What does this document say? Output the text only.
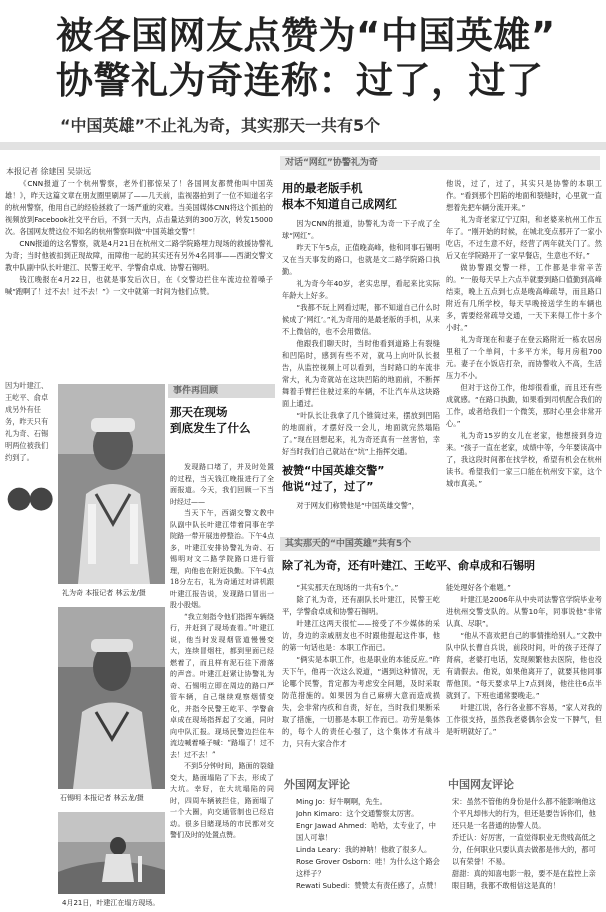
被各国网友点赞为“中国英雄”
协警礼为奇连称：过了，过了
“中国英雄”不止礼为奇，其实那天一共有5个
本报记者 徐建国 吴崇远

《CNN报道了一个杭州警察，老外们都惊呆了！各国网友都赞他叫中国英雄！》，昨天这篇文章在朋友圈里刷屏了——几天前，监视器拍到了一位不知道名字的杭州警察，他用自己的经验拯救了一场严重的灾难。当美国媒体CNN将这个抓拍的视频放到Facebook社交平台后，不到一天内，点击量达到的300万次，转发15000次。各国网友赞这位不知名的杭州警察叫做“中国英雄交警”！

CNN报道的这名警察，就是4月21日在杭州文二路学院路埋力现场的救援协警礼为奇；当时他被扣到正现故障，而障他一起的其实还有另外4名同事——西湖交警文教中队副中队长叶建江、民警王屹平、学警俞卓成、协警石锡明。

钱江晚报在4月22日，也就是事发后次日，在《交警边拦住车流边拉着嗓子喊“跑啊了！过不去！过不去！”》一文中就第一时间为他们点赞。

因为叶建江、王屹平、俞卓成另外有任务，昨天只有礼为奇、石锡明两位被我们约到了。
●●
礼为奇 本报记者 林云龙/摄
石锡明 本报记者 林云龙/摄
4月21日，叶建江在塌方现场。
事件再回顾
那天在现场
到底发生了什么

发现路口堵了，并及时处置的过程，当天钱江晚报进行了全面报道。今天，我们回顾一下当时经过——

当天下午，西湖交警文教中队副中队长叶建江带着同事在学院路一带开展违停整治。下午4点多，叶建江安排协警礼为奇、石锡明对文二路学院路口进行管理，向他也在附近执勤。下午4点18分左右，礼为奇通过对讲机跟叶建江报告说，发现路口冒出一股小股烟。

“我立刻指令他们指挥车辆绕行，并赶到了现场查看。”叶建江说，他当时发现烟管道慢慢变大，连续冒烟柱，都到里面已经燃着了，而且样有泥石往下滑落的声音。叶建江赶紧让协警礼为奇、石锡明立即在周边的路口严管车辆，自己继续观察烟情变化，并指令民警王屹平、学警俞卓成在现场指挥起了交通，同时向中队汇报。现场民警边拦住车流边喊着嗓子喊：“路塌了！过不去！过不去！”

不到5分钟时间，路面的裂缝变大，路面塌陷了下去，形成了大坑。幸好，在大坑塌陷的同时，四周车辆被拦住，路面塌了一个大圈，向交通管制也已经启动。很多目睹现场的市民都对交警们及时的处置点赞。

对话“网红”协警礼为奇
用的最老版手机
根本不知道自己成网红

因为CNN的报道，协警礼为奇一下子成了全球“网红”。

昨天下午5点，正值晚高峰，他和同事石锡明又在当天事发的路口，也就是文二路学院路口执勤。

礼为奇今年40岁，老实忠厚，看起来比实际年龄大上好多。

“我都不玩上网看过呢，都不知道自己什么时候成了‘网红’。”礼为奇用的是最老版的手机，从来不上微信的，也不会用微信。

他跟我们聊天时，当时他看到道路上有裂缝和凹陷时，感到有些不对，就马上向叶队长报告，从监控视频上可以看到，当时路口的车流非常大，礼为奇就站在这块凹陷的地面前，不断挥舞着手臂拦住驶过来的车辆，不让汽车从这块路面上通过。

“叶队长让我拿了几个锥筒过来，摆放到凹陷的地面前，才摆好没一会儿，地面就完然塌陷了。”现在回想起来，礼为奇还真有一丝害怕，幸好当时我们自己就站在“坑”上指挥交通。

被赞“中国英雄交警”
他说“过了，过了”

对于网友们称赞他是“中国英雄交警”，

他说，过了，过了，其实只是协警的本职工作。“看到那个凹陷的地面和裂缝时，心里就一直想着先把车辆分流开来。”

礼为奇老家辽宁辽阳，和老婆来杭州工作五年了。“刚开始的时候，在城北变点那开了一家小吃店，不过生意不好，经营了两年就关门了。然后又在学院路开了一家早餐店，生意也不好。”

做协警跟交警一样，工作都是非常辛苦的。“一般每天早上六点半就要到路口值勤到高峰结束，晚上五点到七点是晚高峰疏导，而且路口附近有几所学校，每天早晚接送学生的车辆也多，需要经常疏导交通，一天下来得工作十多个小时。”

礼为奇现在和妻子在登云路附近一栋农居房里租了一个单间，十多平方米，每月房租700元。妻子在小饭店打杂，而协警收入不高，生活压力不小。

但对于这份工作，他却很看重，而且还有些成就感。“在路口执勤，如果看到司机配合我们的工作，或者给我们一个微笑，那时心里会非常开心。”

礼为奇15岁的女儿在老家，他想接到身边来。“孩子一直在老家，成绩中等，今年要读高中了，我这段时间都在找学校，希望有机会在杭州读书。希望我们一家三口能在杭州安下家，这个城市真美。”

其实那天的“中国英雄”共有5个
除了礼为奇，还有叶建江、王屹平、俞卓成和石锡明

“其实那天在现场的一共有5个。”

除了礼为奇，还有副队长叶建江，民警王屹平，学警俞卓成和协警石锡明。

叶建江这两天很忙——接受了不少媒体的采访，身边的亲戚朋友也不时跟他提起这件事，他的第一句话也是：本职工作而已。

“俩实是本职工作，也是职业的本能反应。”昨天下午，他再一次这么说道，“遇到这种情况，无论哪个民警，肯定都为考虑安全问题，及时采取防范措施的。如果因为自己麻痹大意而造成损失，会非常内疚和自责，好在，当时我们果断采取了措施，一切都是本职工作而已。功劳是集体的，每个人的责任心强了，这个集体才有战斗力，只有大家合作才

能处理好各个难题。”

叶建江是2006年从中央司法警官学院毕业考进杭州交警支队的。从警10年，同事说他“非常认真、尽职”。

“他从不喜欢把自己的事情推给别人。”文教中队中队长曹自兵说，前段时间，叶的孩子还得了肾病，老婆打电话，发现频繁他去医院，他也没有请假去。他说，如果他离开了，就要其他同事帮他顶。“每天要求早上7点到岗，他往往6点半就到了。下班也通常要晚走。”

叶建江说，各行各业都不容易，“家人对我的工作很支持，虽然我老婆偶尔会发一下脾气，但是听明就好了。”

外国网友评论
Ming Jo：好牛啊啊，先生。
John Kimaro：这个交通警察太厉害。
Engr Jawad Ahmed：哈哈，太专业了，中国人可靠！
Linda Leary：我的神呐！他救了很多人。
Rose Grover Osborn：哇！为什么这个路会这样子？
Rewati Subedi：赞赞太有责任感了，点赞！
中国网友评论
宋：虽然不管他的身份是什么都不能影响他这个平凡却伟大的行为，但还是要告诉你们，他还只是一名普通的协警人员。
乔迁认：好厉害，一直觉得职业无贵贱高低之分，任何职业只要认真去做都是伟大的，都可以有荣誉！不易。
甜甜：真的知喜电影一般，要不是在监控上亲眼目睹，我都不敢相信这是真的！
